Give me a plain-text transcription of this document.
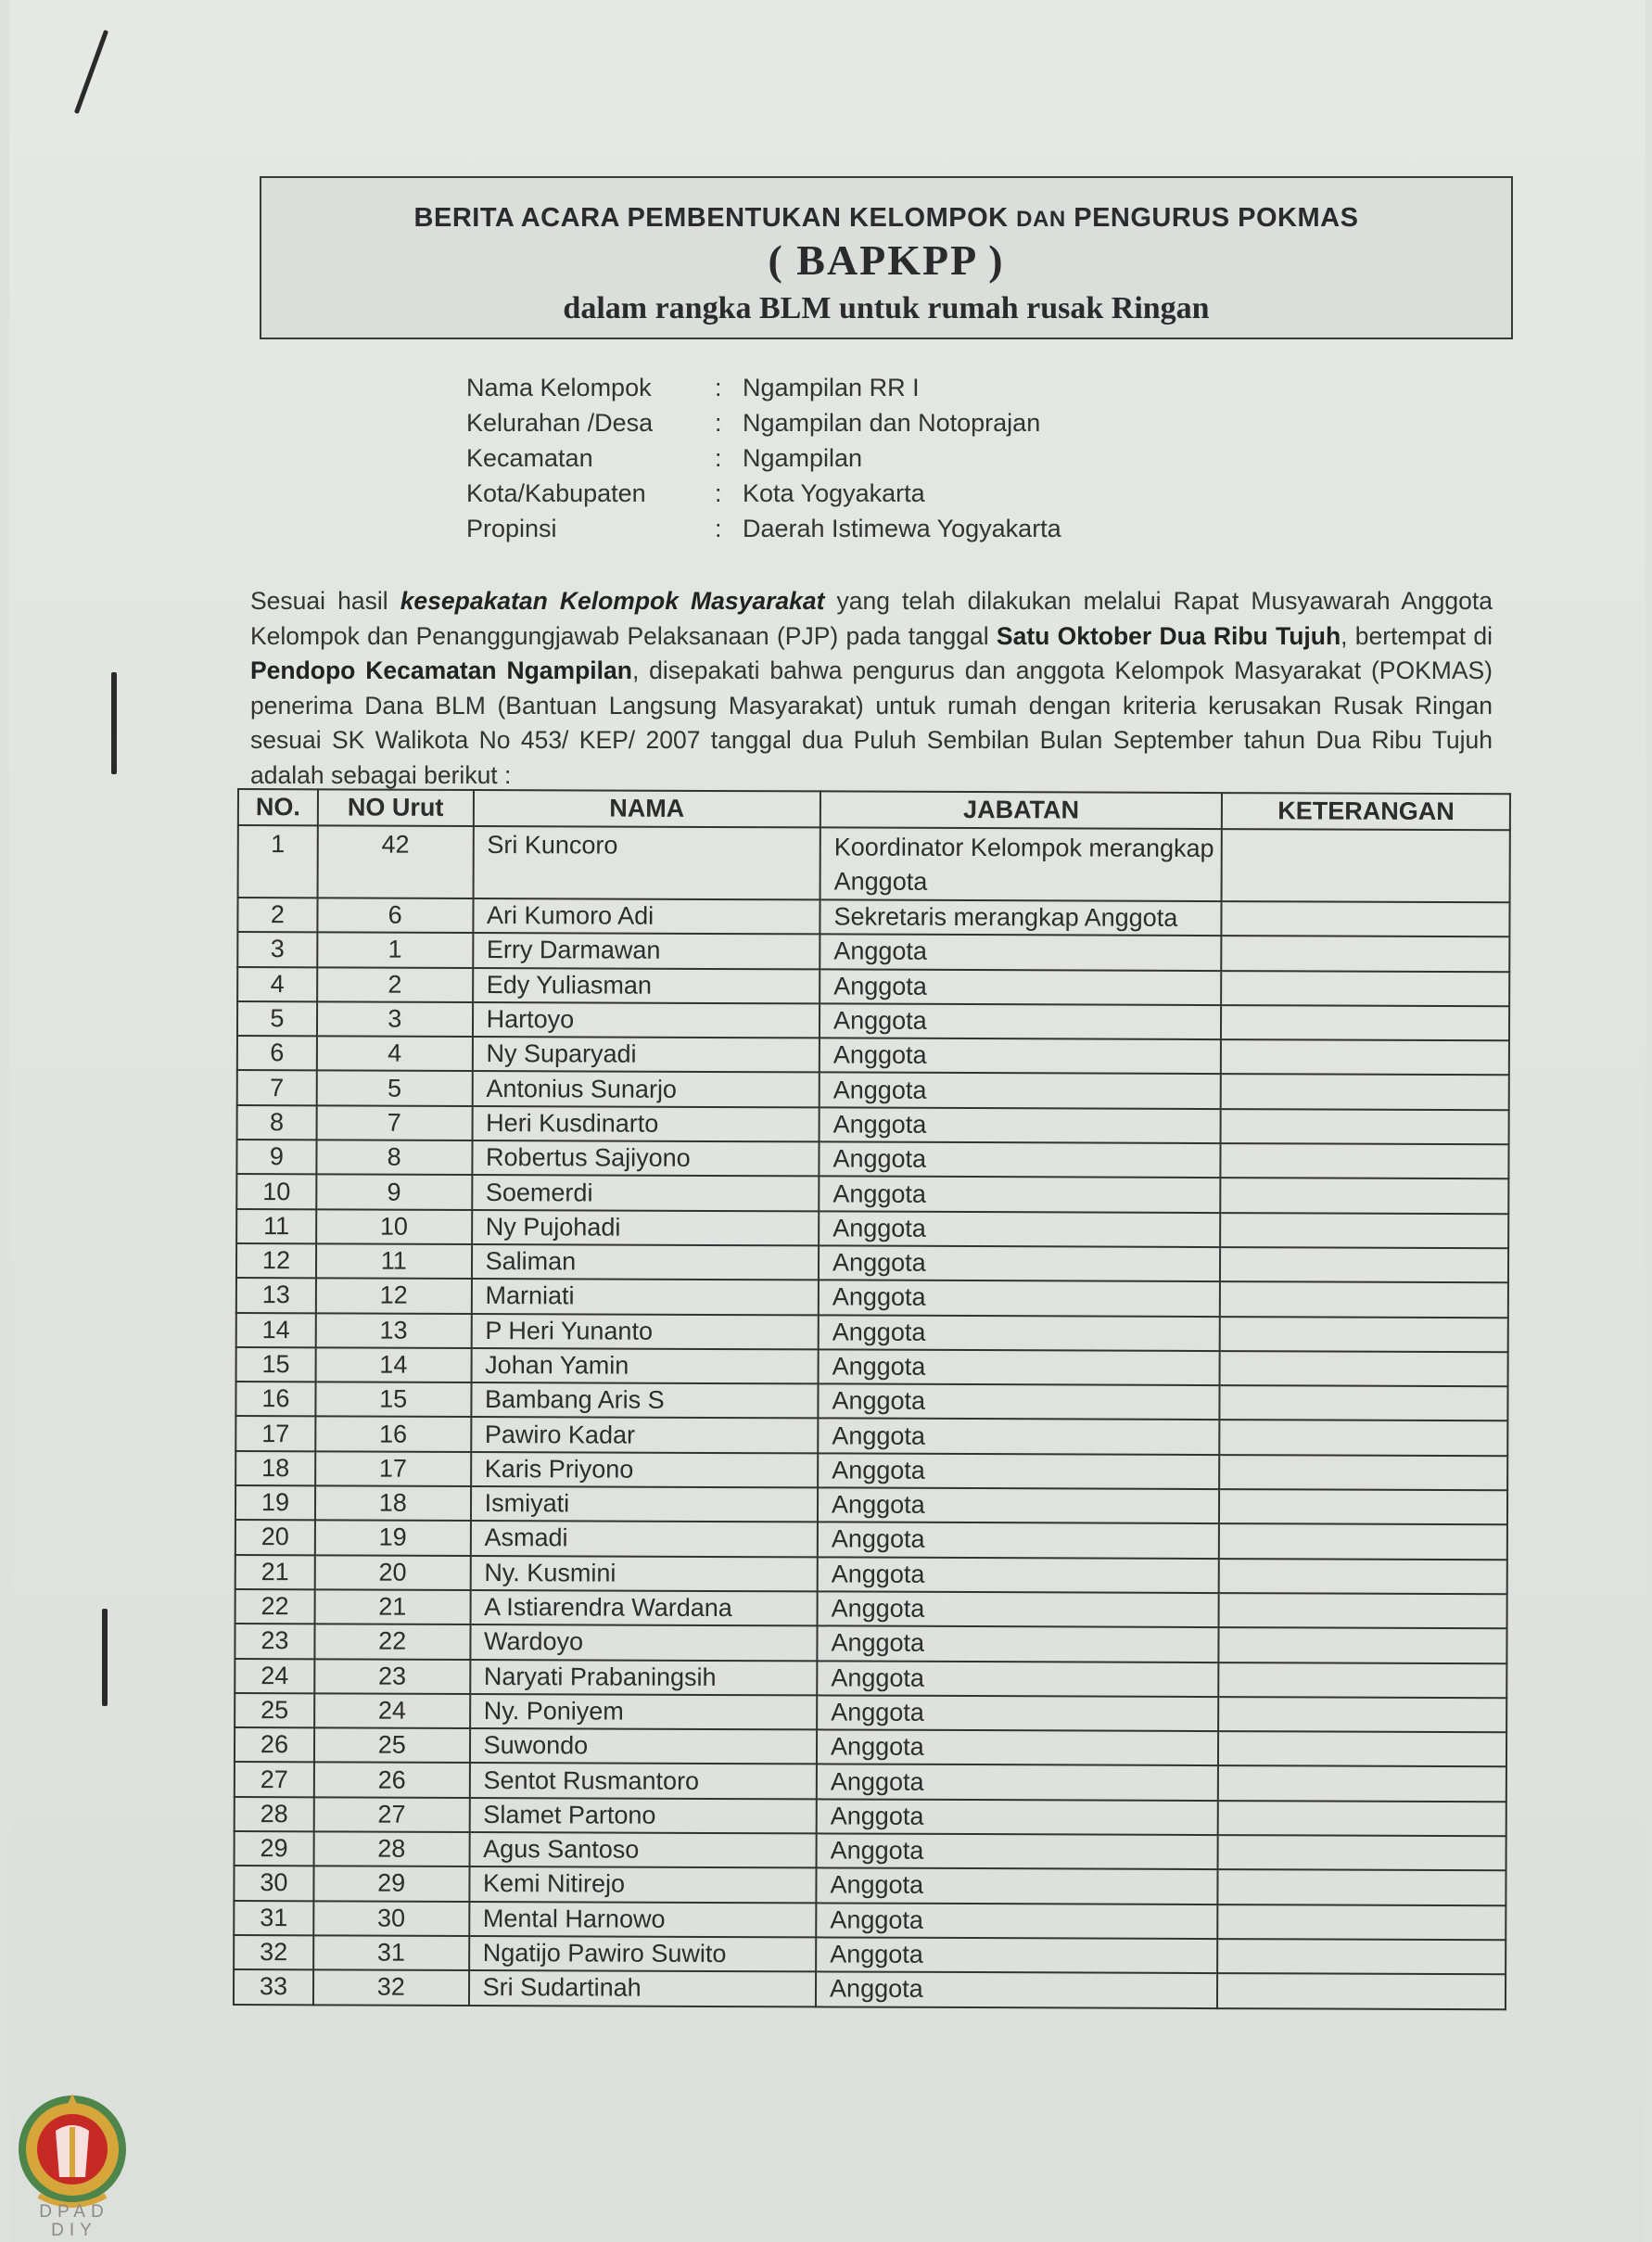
BERITA ACARA PEMBENTUKAN KELOMPOK DAN PENGURUS POKMAS
( BAPKPP )
dalam rangka BLM untuk rumah rusak Ringan
Nama Kelompok	: Ngampilan RR I
Kelurahan /Desa	: Ngampilan dan Notoprajan
Kecamatan	: Ngampilan
Kota/Kabupaten	: Kota Yogyakarta
Propinsi	: Daerah Istimewa Yogyakarta
Sesuai hasil kesepakatan Kelompok Masyarakat yang telah dilakukan melalui Rapat Musyawarah Anggota Kelompok dan Penanggungjawab Pelaksanaan (PJP) pada tanggal Satu Oktober Dua Ribu Tujuh, bertempat di Pendopo Kecamatan Ngampilan, disepakati bahwa pengurus dan anggota Kelompok Masyarakat (POKMAS) penerima Dana BLM (Bantuan Langsung Masyarakat) untuk rumah dengan kriteria kerusakan Rusak Ringan sesuai SK Walikota No 453/ KEP/ 2007 tanggal dua Puluh Sembilan Bulan September tahun Dua Ribu Tujuh adalah sebagai berikut :
NO.	NO Urut	NAMA	JABATAN	KETERANGAN
1	42	Sri Kuncoro	Koordinator Kelompok merangkap Anggota	
2	6	Ari Kumoro Adi	Sekretaris merangkap Anggota	
3	1	Erry Darmawan	Anggota	
4	2	Edy Yuliasman	Anggota	
5	3	Hartoyo	Anggota	
6	4	Ny Suparyadi	Anggota	
7	5	Antonius Sunarjo	Anggota	
8	7	Heri Kusdinarto	Anggota	
9	8	Robertus Sajiyono	Anggota	
10	9	Soemerdi	Anggota	
11	10	Ny Pujohadi	Anggota	
12	11	Saliman	Anggota	
13	12	Marniati	Anggota	
14	13	P Heri Yunanto	Anggota	
15	14	Johan Yamin	Anggota	
16	15	Bambang Aris S	Anggota	
17	16	Pawiro Kadar	Anggota	
18	17	Karis Priyono	Anggota	
19	18	Ismiyati	Anggota	
20	19	Asmadi	Anggota	
21	20	Ny. Kusmini	Anggota	
22	21	A Istiarendra Wardana	Anggota	
23	22	Wardoyo	Anggota	
24	23	Naryati Prabaningsih	Anggota	
25	24	Ny. Poniyem	Anggota	
26	25	Suwondo	Anggota	
27	26	Sentot Rusmantoro	Anggota	
28	27	Slamet Partono	Anggota	
29	28	Agus Santoso	Anggota	
30	29	Kemi Nitirejo	Anggota	
31	30	Mental Harnowo	Anggota	
32	31	Ngatijo Pawiro Suwito	Anggota	
33	32	Sri Sudartinah	Anggota	
DPAD DIY
